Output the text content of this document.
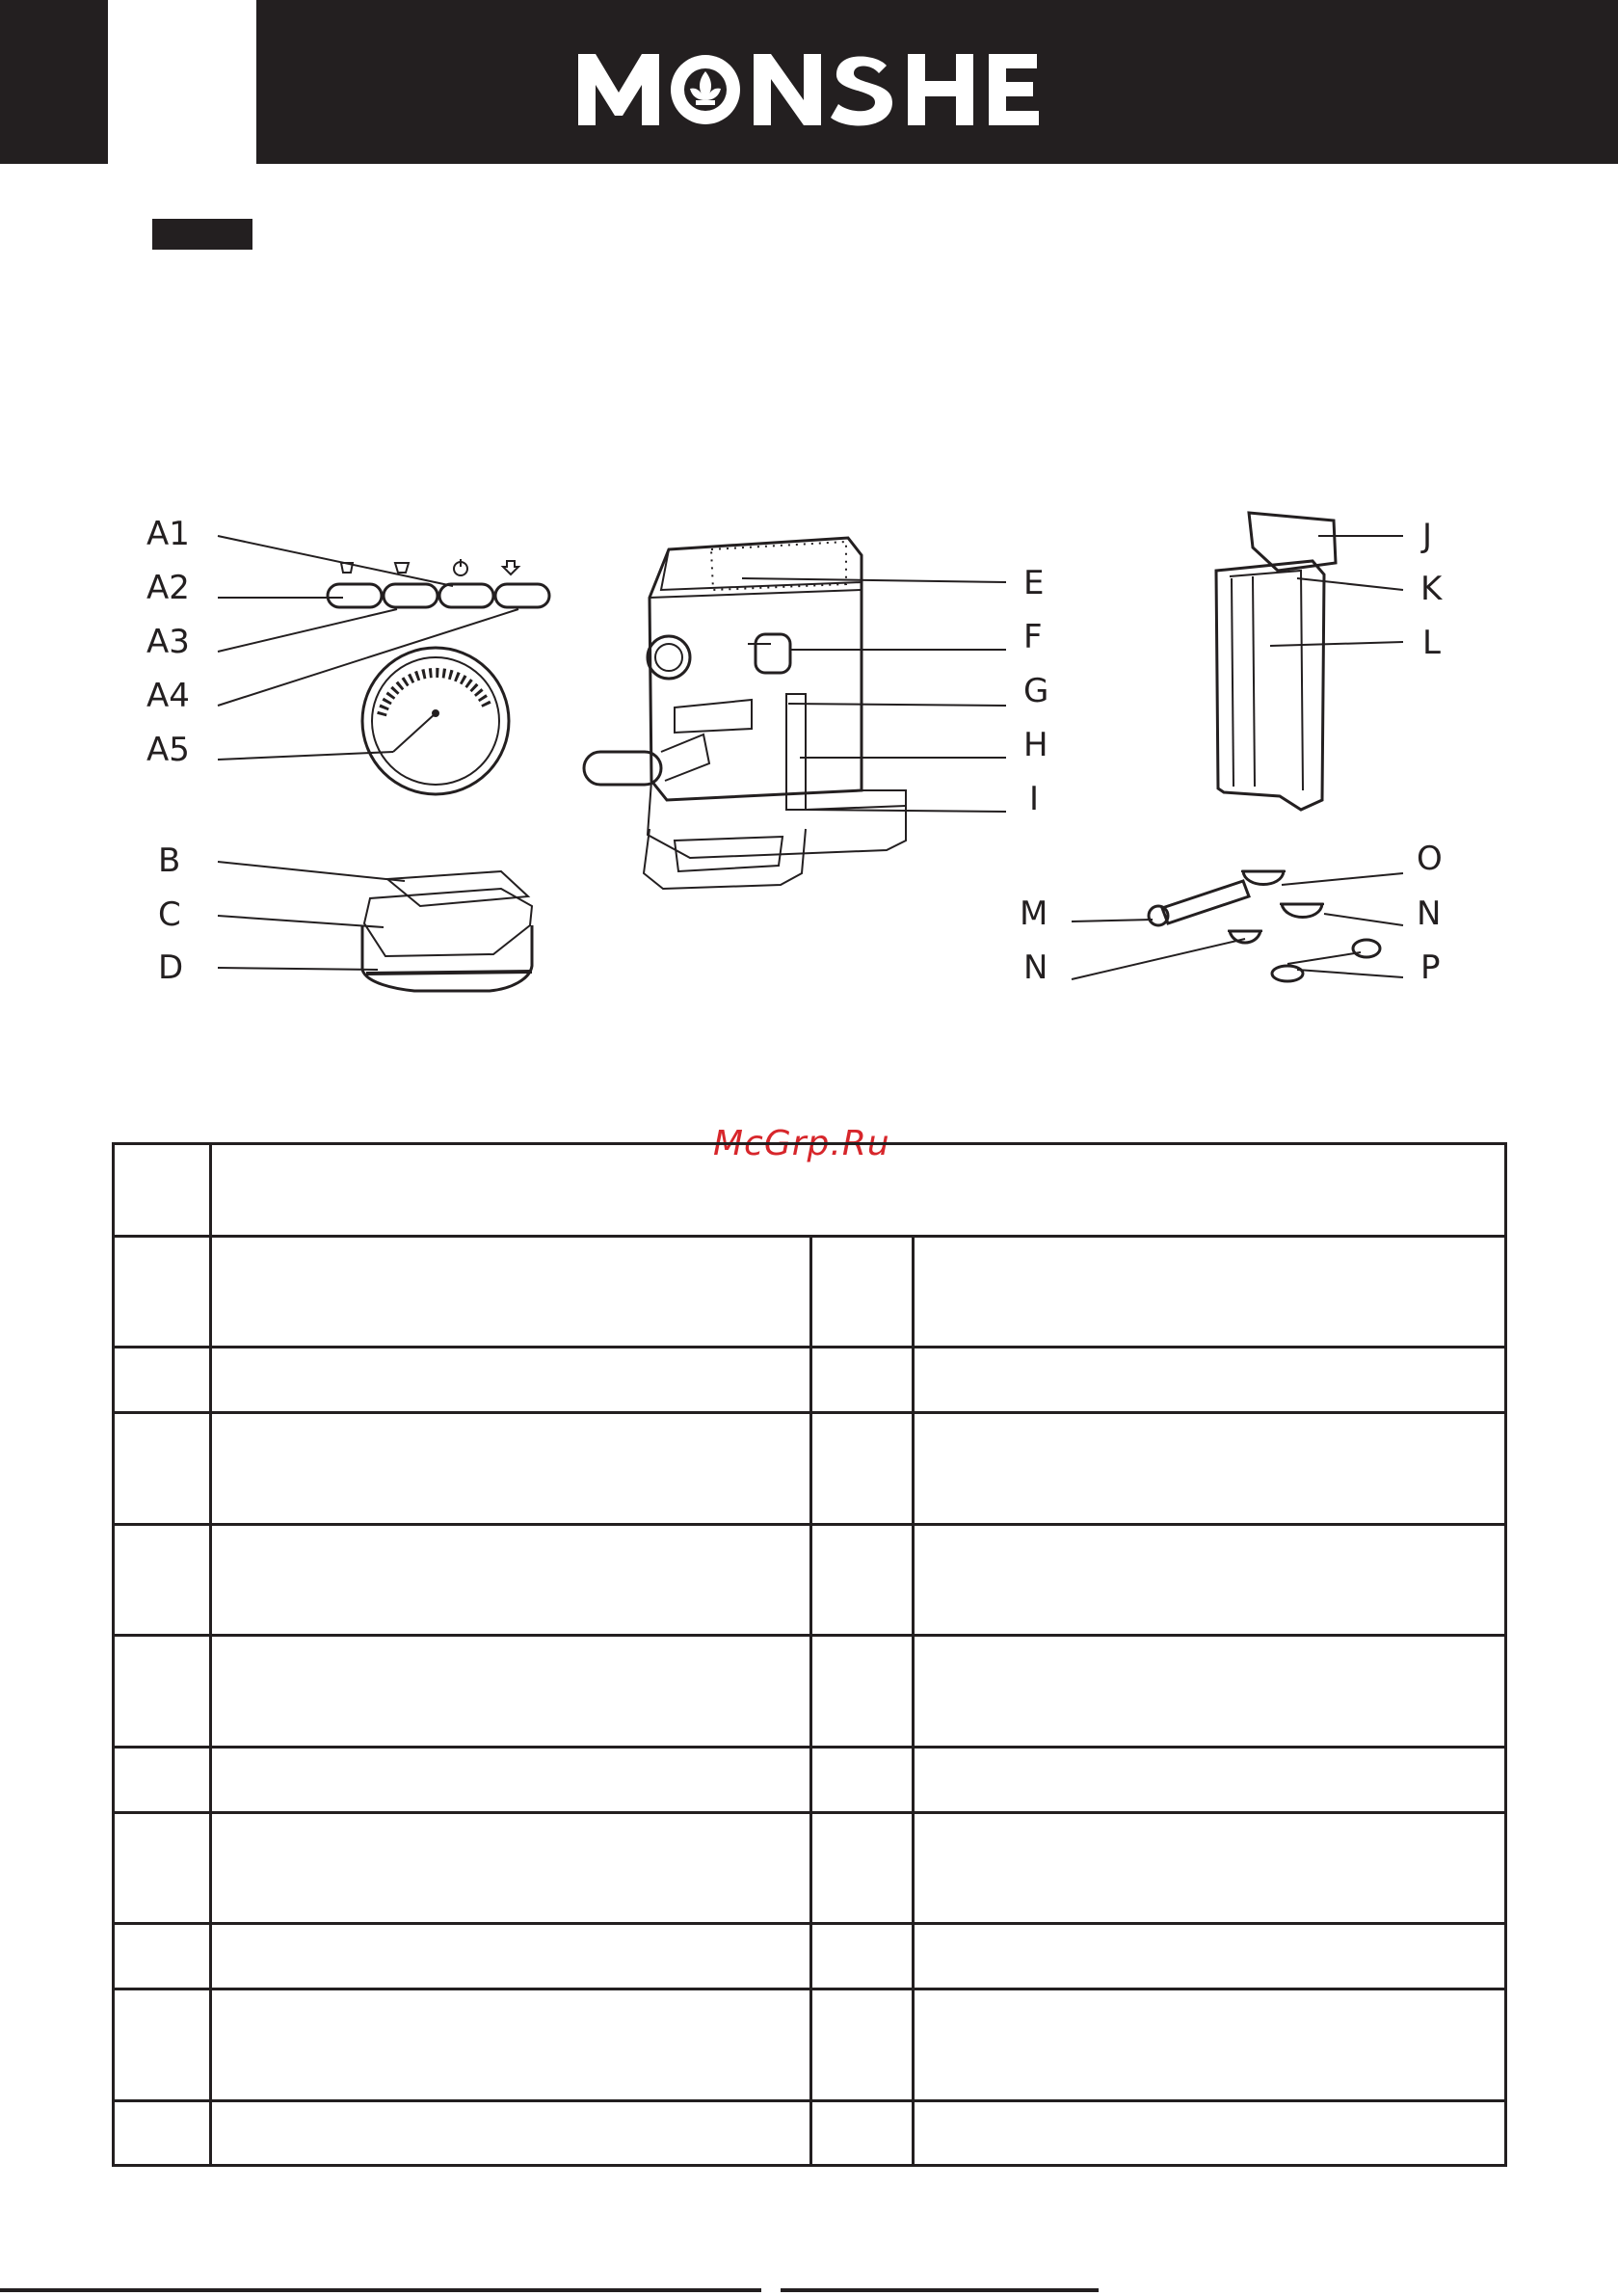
A1
A2
A3
A4
A5
B
C
D
E
F
G
H
I
J
K
L
O
M	N
N	P
McGrp.Ru
